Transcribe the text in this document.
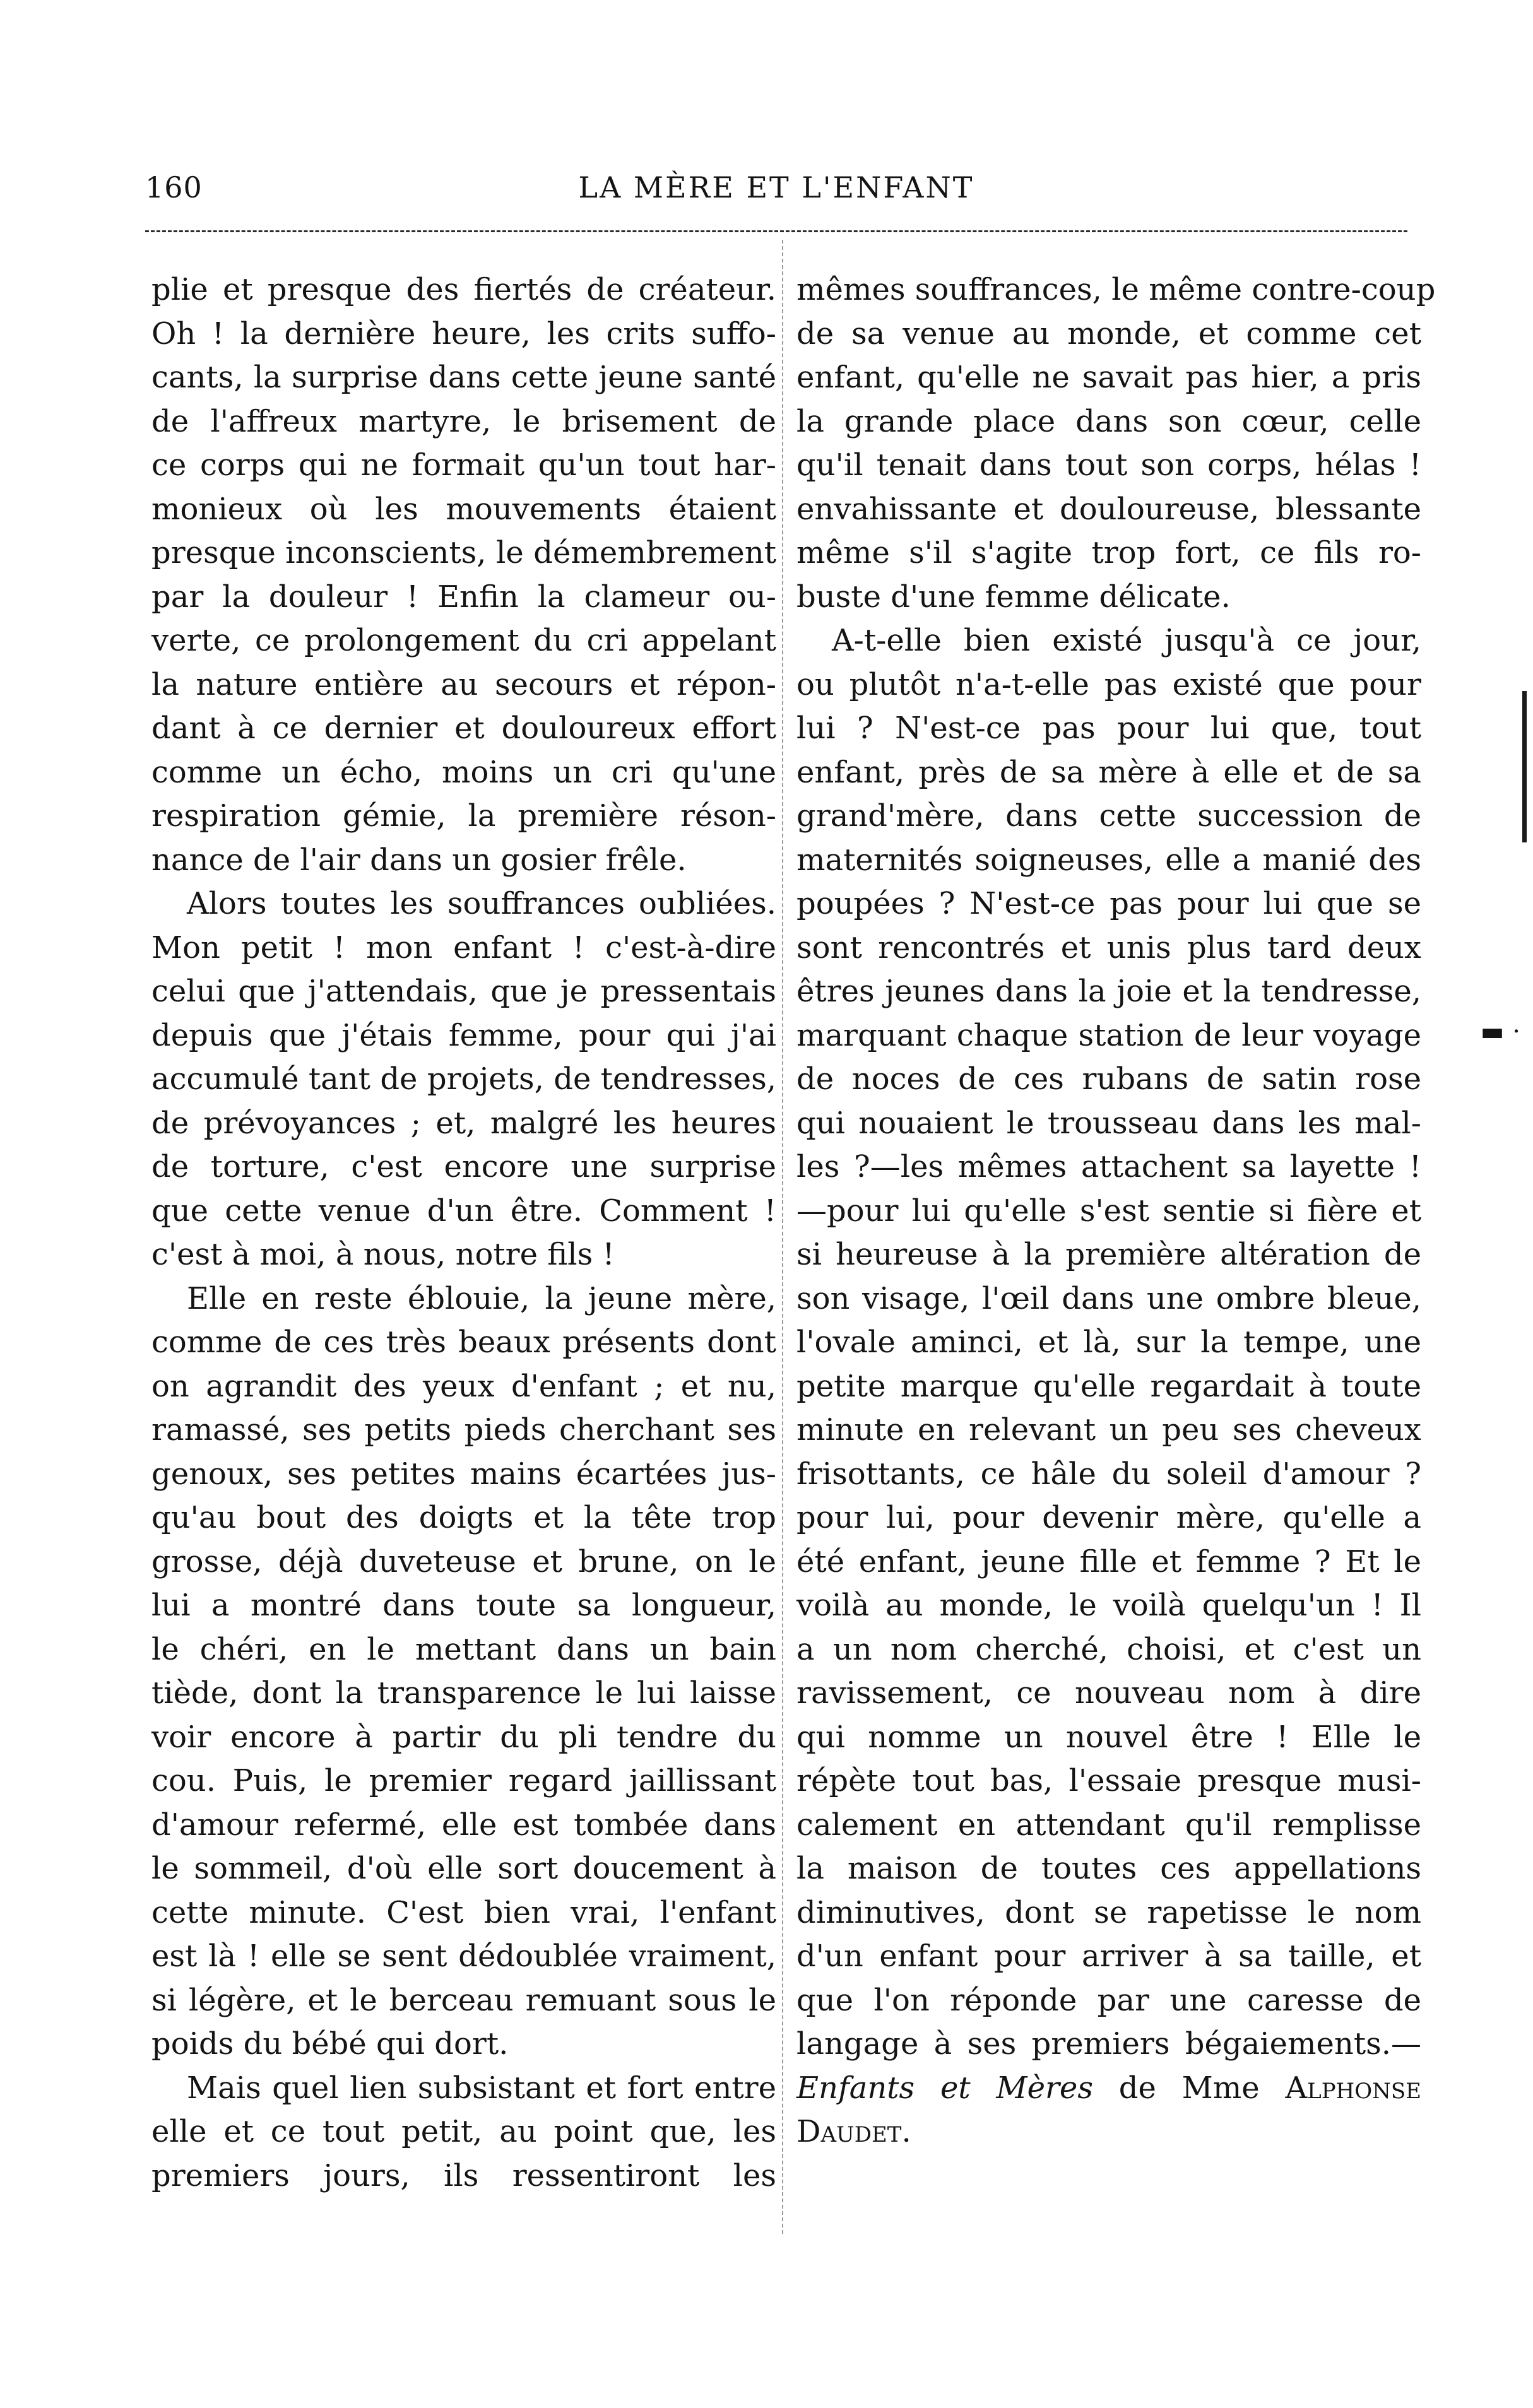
160	LA MÈRE ET L'ENFANT
plie et presque des fiertés de créateur.
Oh ! la dernière heure, les crits suffo-
cants, la surprise dans cette jeune santé
de l'affreux martyre, le brisement de
ce corps qui ne formait qu'un tout har-
monieux où les mouvements étaient
presque inconscients, le démembrement
par la douleur ! Enfin la clameur ou-
verte, ce prolongement du cri appelant
la nature entière au secours et répon-
dant à ce dernier et douloureux effort
comme un écho, moins un cri qu'une
respiration gémie, la première réson-
nance de l'air dans un gosier frêle.
Alors toutes les souffrances oubliées.
Mon petit ! mon enfant ! c'est-à-dire
celui que j'attendais, que je pressentais
depuis que j'étais femme, pour qui j'ai
accumulé tant de projets, de tendresses,
de prévoyances ; et, malgré les heures
de torture, c'est encore une surprise
que cette venue d'un être. Comment !
c'est à moi, à nous, notre fils !
Elle en reste éblouie, la jeune mère,
comme de ces très beaux présents dont
on agrandit des yeux d'enfant ; et nu,
ramassé, ses petits pieds cherchant ses
genoux, ses petites mains écartées jus-
qu'au bout des doigts et la tête trop
grosse, déjà duveteuse et brune, on le
lui a montré dans toute sa longueur,
le chéri, en le mettant dans un bain
tiède, dont la transparence le lui laisse
voir encore à partir du pli tendre du
cou. Puis, le premier regard jaillissant
d'amour refermé, elle est tombée dans
le sommeil, d'où elle sort doucement à
cette minute. C'est bien vrai, l'enfant
est là ! elle se sent dédoublée vraiment,
si légère, et le berceau remuant sous le
poids du bébé qui dort.
Mais quel lien subsistant et fort entre
elle et ce tout petit, au point que, les
premiers jours, ils ressentiront les
mêmes souffrances, le même contre-coup
de sa venue au monde, et comme cet
enfant, qu'elle ne savait pas hier, a pris
la grande place dans son cœur, celle
qu'il tenait dans tout son corps, hélas !
envahissante et douloureuse, blessante
même s'il s'agite trop fort, ce fils ro-
buste d'une femme délicate.
A-t-elle bien existé jusqu'à ce jour,
ou plutôt n'a-t-elle pas existé que pour
lui ? N'est-ce pas pour lui que, tout
enfant, près de sa mère à elle et de sa
grand'mère, dans cette succession de
maternités soigneuses, elle a manié des
poupées ? N'est-ce pas pour lui que se
sont rencontrés et unis plus tard deux
êtres jeunes dans la joie et la tendresse,
marquant chaque station de leur voyage
de noces de ces rubans de satin rose
qui nouaient le trousseau dans les mal-
les ?—les mêmes attachent sa layette !
—pour lui qu'elle s'est sentie si fière et
si heureuse à la première altération de
son visage, l'œil dans une ombre bleue,
l'ovale aminci, et là, sur la tempe, une
petite marque qu'elle regardait à toute
minute en relevant un peu ses cheveux
frisottants, ce hâle du soleil d'amour ?
pour lui, pour devenir mère, qu'elle a
été enfant, jeune fille et femme ? Et le
voilà au monde, le voilà quelqu'un ! Il
a un nom cherché, choisi, et c'est un
ravissement, ce nouveau nom à dire
qui nomme un nouvel être ! Elle le
répète tout bas, l'essaie presque musi-
calement en attendant qu'il remplisse
la maison de toutes ces appellations
diminutives, dont se rapetisse le nom
d'un enfant pour arriver à sa taille, et
que l'on réponde par une caresse de
langage à ses premiers bégaiements.—
Enfants et Mères de Mme Alphonse
Daudet.
▬ ·
